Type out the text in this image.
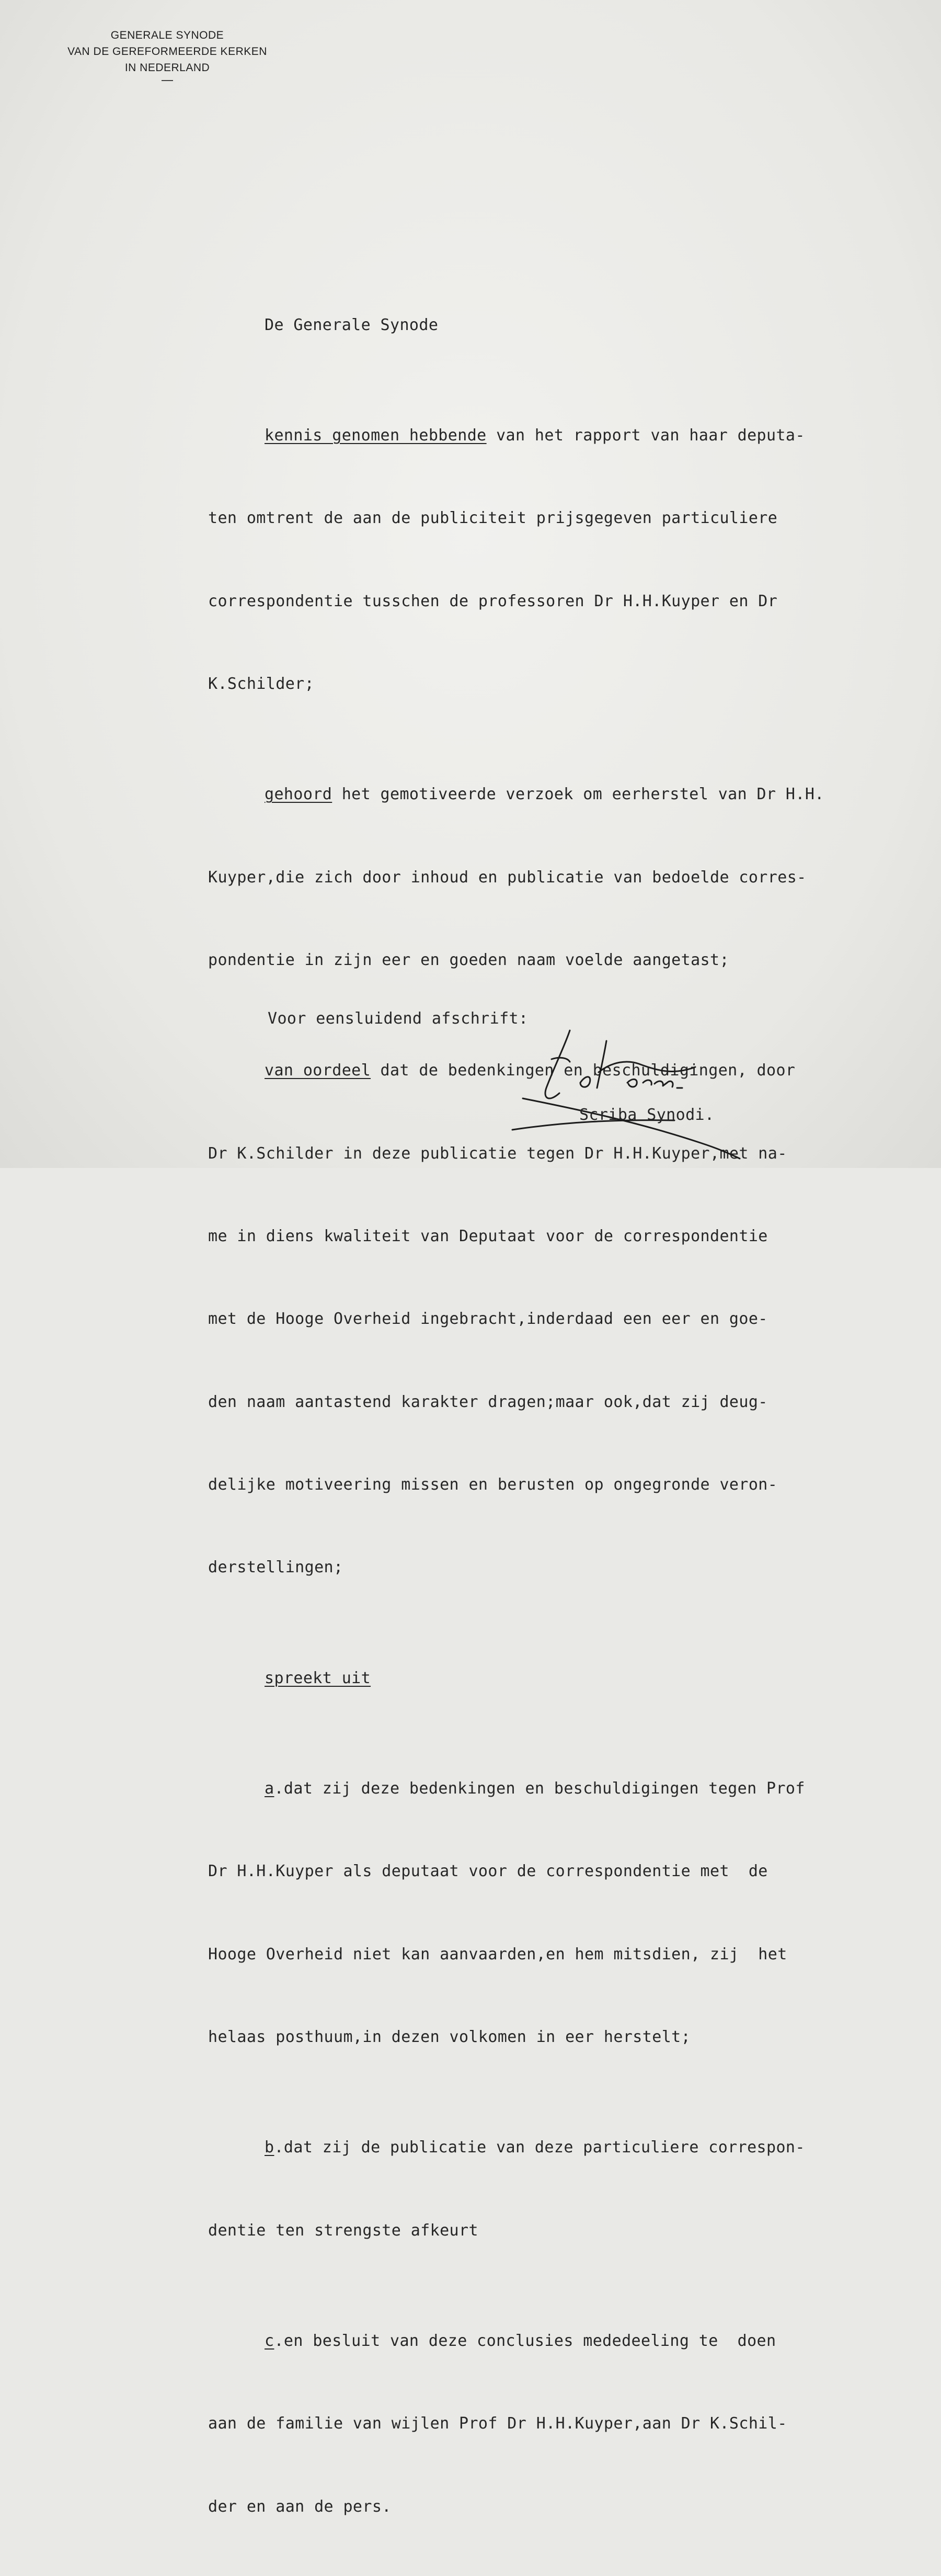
GENERALE SYNODE
VAN DE GEREFORMEERDE KERKEN
IN NEDERLAND

De Generale Synode

kennis genomen hebbende van het rapport van haar deputa-

ten omtrent de aan de publiciteit prijsgegeven particuliere

correspondentie tusschen de professoren Dr H.H.Kuyper en Dr

K.Schilder;

gehoord het gemotiveerde verzoek om eerherstel van Dr H.H.

Kuyper,die zich door inhoud en publicatie van bedoelde corres-

pondentie in zijn eer en goeden naam voelde aangetast;

van oordeel dat de bedenkingen en beschuldigingen, door

Dr K.Schilder in deze publicatie tegen Dr H.H.Kuyper,met na-

me in diens kwaliteit van Deputaat voor de correspondentie

met de Hooge Overheid ingebracht,inderdaad een eer en goe-

den naam aantastend karakter dragen;maar ook,dat zij deug-

delijke motiveering missen en berusten op ongegronde veron-

derstellingen;

spreekt uit

a.dat zij deze bedenkingen en beschuldigingen tegen Prof

Dr H.H.Kuyper als deputaat voor de correspondentie met  de

Hooge Overheid niet kan aanvaarden,en hem mitsdien, zij  het

helaas posthuum,in dezen volkomen in eer herstelt;

b.dat zij de publicatie van deze particuliere correspon-

dentie ten strengste afkeurt

c.en besluit van deze conclusies mededeeling te  doen

aan de familie van wijlen Prof Dr H.H.Kuyper,aan Dr K.Schil-

der en aan de pers.

Voor eensluidend afschrift:
Scriba Synodi.
